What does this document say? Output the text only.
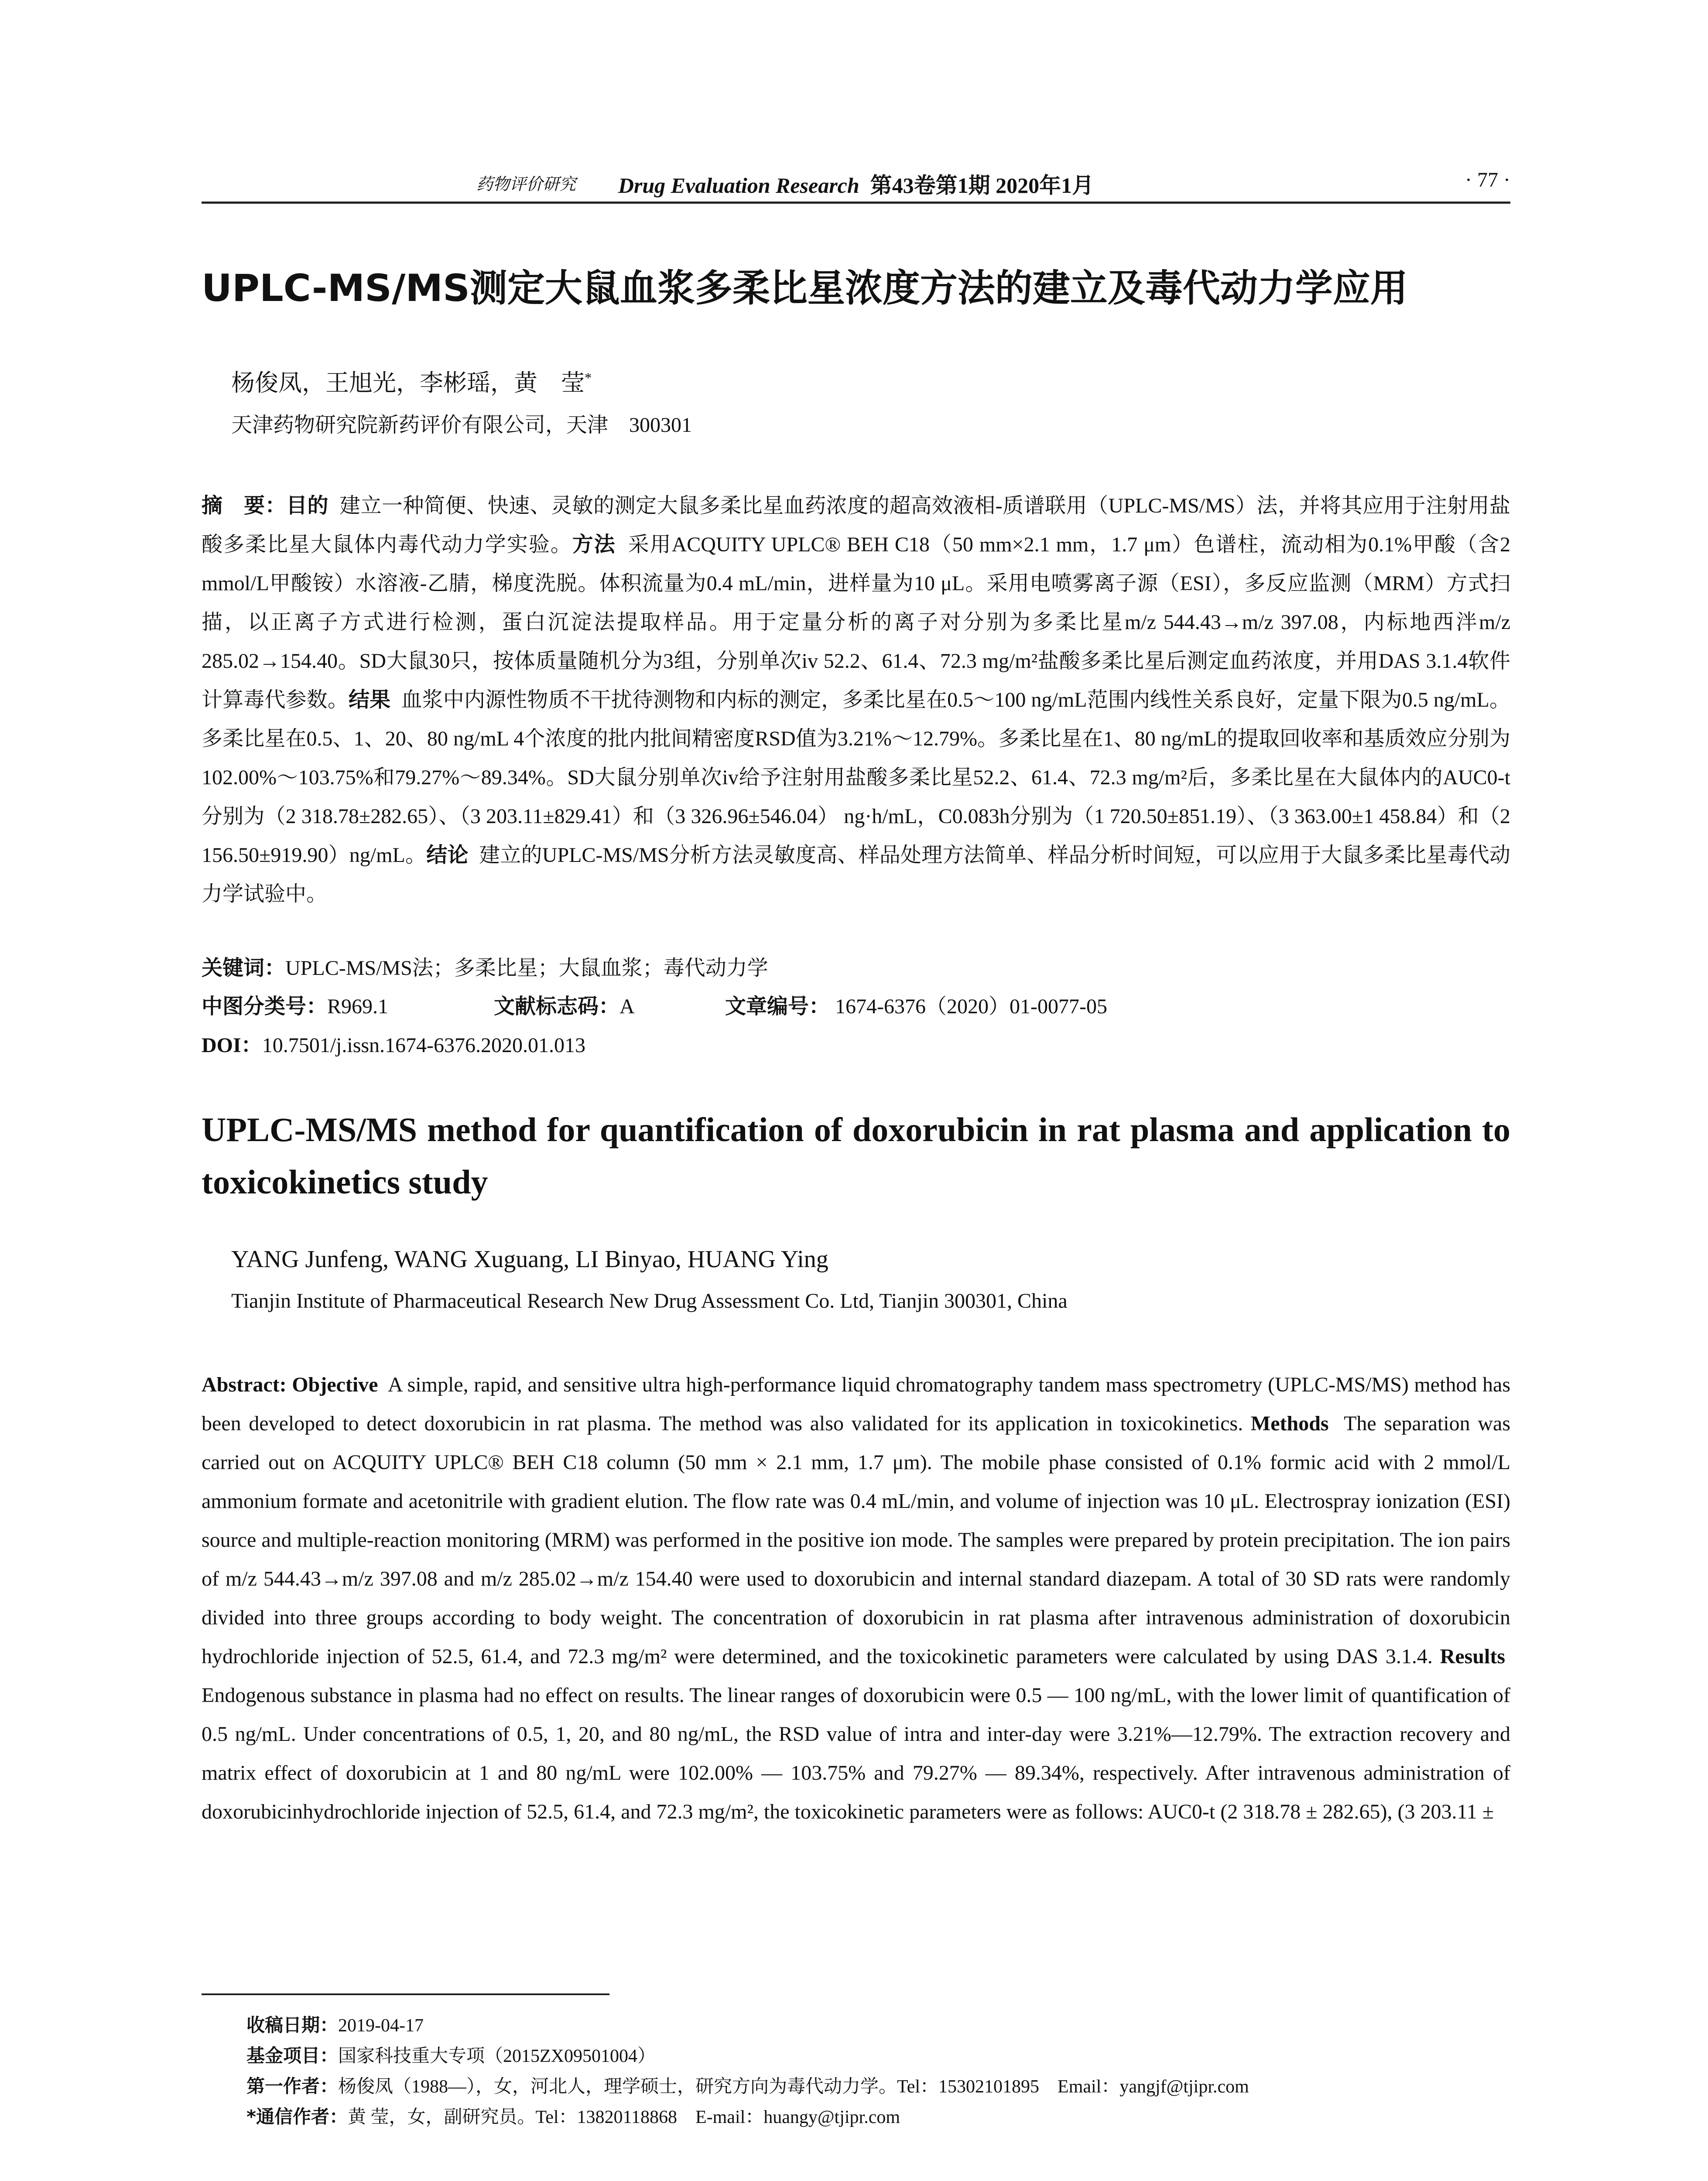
药物评价研究	Drug Evaluation Research 第43卷第1期 2020年1月	· 77 ·
UPLC-MS/MS测定大鼠血浆多柔比星浓度方法的建立及毒代动力学应用
杨俊凤，王旭光，李彬瑶，黄　莹*
天津药物研究院新药评价有限公司，天津　300301
摘　要：目的 建立一种简便、快速、灵敏的测定大鼠多柔比星血药浓度的超高效液相-质谱联用（UPLC-MS/MS）法，并将其应用于注射用盐酸多柔比星大鼠体内毒代动力学实验。方法 采用ACQUITY UPLC® BEH C18（50 mm×2.1 mm，1.7 μm）色谱柱，流动相为0.1%甲酸（含2 mmol/L甲酸铵）水溶液-乙腈，梯度洗脱。体积流量为0.4 mL/min，进样量为10 μL。采用电喷雾离子源（ESI），多反应监测（MRM）方式扫描，以正离子方式进行检测，蛋白沉淀法提取样品。用于定量分析的离子对分别为多柔比星m/z 544.43→m/z 397.08，内标地西泮m/z 285.02→154.40。SD大鼠30只，按体质量随机分为3组，分别单次iv 52.2、61.4、72.3 mg/m²盐酸多柔比星后测定血药浓度，并用DAS 3.1.4软件计算毒代参数。结果 血浆中内源性物质不干扰待测物和内标的测定，多柔比星在0.5～100 ng/mL范围内线性关系良好，定量下限为0.5 ng/mL。多柔比星在0.5、1、20、80 ng/mL 4个浓度的批内批间精密度RSD值为3.21%～12.79%。多柔比星在1、80 ng/mL的提取回收率和基质效应分别为102.00%～103.75%和79.27%～89.34%。SD大鼠分别单次iv给予注射用盐酸多柔比星52.2、61.4、72.3 mg/m²后，多柔比星在大鼠体内的AUC0-t分别为（2 318.78±282.65）、（3 203.11±829.41）和（3 326.96±546.04） ng·h/mL，C0.083h分别为（1 720.50±851.19）、（3 363.00±1 458.84）和（2 156.50±919.90）ng/mL。结论 建立的UPLC-MS/MS分析方法灵敏度高、样品处理方法简单、样品分析时间短，可以应用于大鼠多柔比星毒代动力学试验中。
关键词：UPLC-MS/MS法；多柔比星；大鼠血浆；毒代动力学
中图分类号：R969.1	文献标志码：A	文章编号： 1674-6376（2020）01-0077-05
DOI：10.7501/j.issn.1674-6376.2020.01.013
UPLC-MS/MS method for quantification of doxorubicin in rat plasma and application to toxicokinetics study
YANG Junfeng, WANG Xuguang, LI Binyao, HUANG Ying
Tianjin Institute of Pharmaceutical Research New Drug Assessment Co. Ltd, Tianjin 300301, China
Abstract: Objective A simple, rapid, and sensitive ultra high-performance liquid chromatography tandem mass spectrometry (UPLC-MS/MS) method has been developed to detect doxorubicin in rat plasma. The method was also validated for its application in toxicokinetics. Methods The separation was carried out on ACQUITY UPLC® BEH C18 column (50 mm × 2.1 mm, 1.7 μm). The mobile phase consisted of 0.1% formic acid with 2 mmol/L ammonium formate and acetonitrile with gradient elution. The flow rate was 0.4 mL/min, and volume of injection was 10 μL. Electrospray ionization (ESI) source and multiple-reaction monitoring (MRM) was performed in the positive ion mode. The samples were prepared by protein precipitation. The ion pairs of m/z 544.43→m/z 397.08 and m/z 285.02→m/z 154.40 were used to doxorubicin and internal standard diazepam. A total of 30 SD rats were randomly divided into three groups according to body weight. The concentration of doxorubicin in rat plasma after intravenous administration of doxorubicin hydrochloride injection of 52.5, 61.4, and 72.3 mg/m² were determined, and the toxicokinetic parameters were calculated by using DAS 3.1.4. Results  Endogenous substance in plasma had no effect on results. The linear ranges of doxorubicin were 0.5 — 100 ng/mL, with the lower limit of quantification of 0.5 ng/mL. Under concentrations of 0.5, 1, 20, and 80 ng/mL, the RSD value of intra and inter-day were 3.21%—12.79%. The extraction recovery and matrix effect of doxorubicin at 1 and 80 ng/mL were 102.00% — 103.75% and 79.27% — 89.34%, respectively. After intravenous administration of doxorubicinhydrochloride injection of 52.5, 61.4, and 72.3 mg/m², the toxicokinetic parameters were as follows: AUC0-t (2 318.78 ± 282.65), (3 203.11 ±
收稿日期：2019-04-17
基金项目：国家科技重大专项（2015ZX09501004）
第一作者：杨俊凤（1988—），女，河北人，理学硕士，研究方向为毒代动力学。Tel：15302101895　Email：yangjf@tjipr.com
*通信作者：黄 莹，女，副研究员。Tel：13820118868　E-mail：huangy@tjipr.com
